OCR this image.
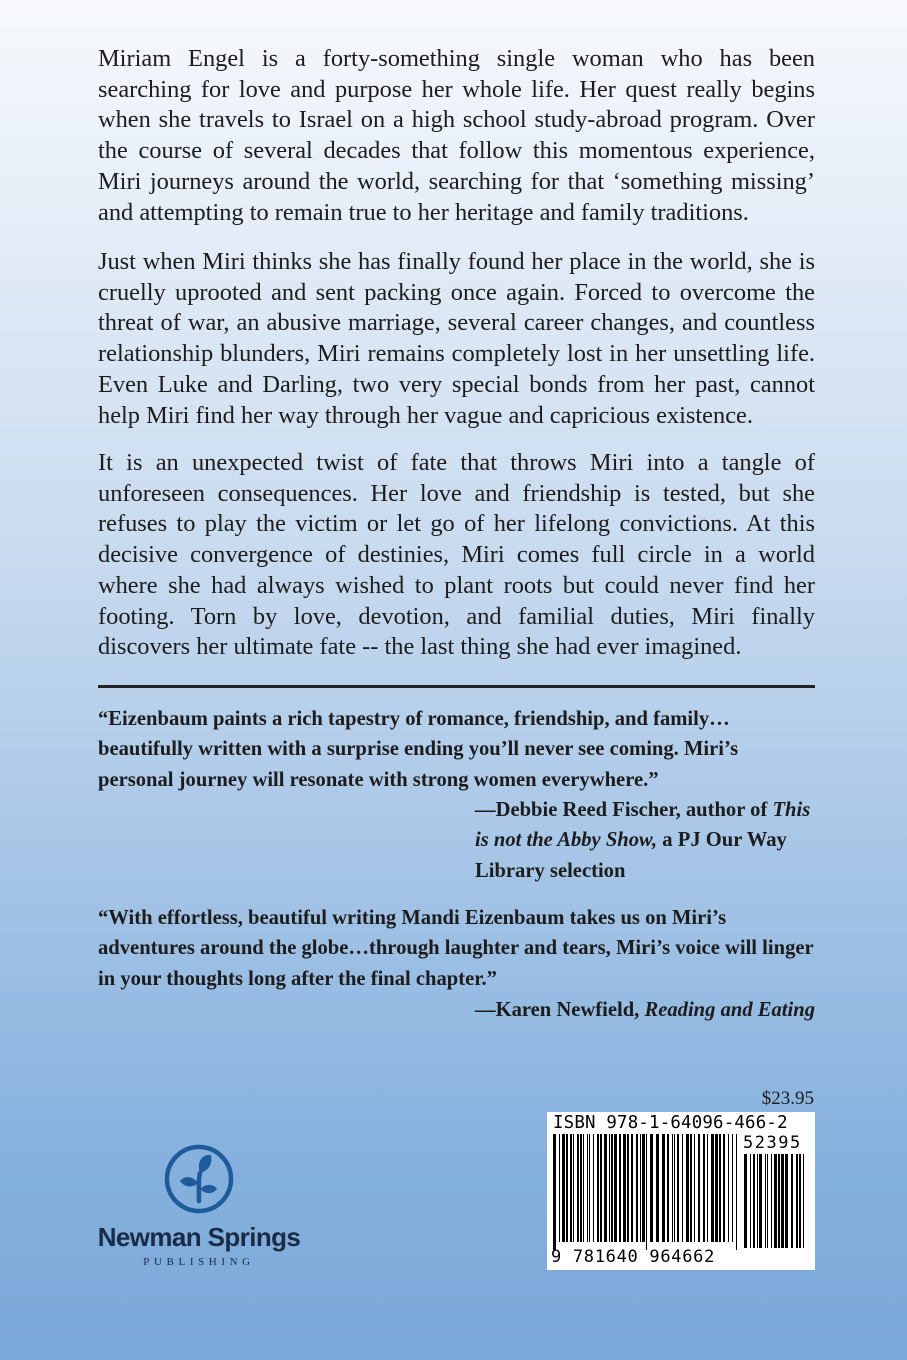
Miriam Engel is a forty-something single woman who has been searching for love and purpose her whole life. Her quest really begins when she travels to Israel on a high school study-abroad program. Over the course of several decades that follow this momentous experience, Miri journeys around the world, searching for that ‘something missing’ and attempting to remain true to her heritage and family traditions.

Just when Miri thinks she has finally found her place in the world, she is cruelly uprooted and sent packing once again. Forced to overcome the threat of war, an abusive marriage, several career changes, and countless relationship blunders, Miri remains completely lost in her unsettling life. Even Luke and Darling, two very special bonds from her past, cannot help Miri find her way through her vague and capricious existence.

It is an unexpected twist of fate that throws Miri into a tangle of unforeseen consequences. Her love and friendship is tested, but she refuses to play the victim or let go of her lifelong convictions. At this decisive convergence of destinies, Miri comes full circle in a world where she had always wished to plant roots but could never find her footing. Torn by love, devotion, and familial duties, Miri finally discovers her ultimate fate -- the last thing she had ever imagined.

“Eizenbaum paints a rich tapestry of romance, friendship, and family…beautifully written with a surprise ending you’ll never see coming. Miri’s personal journey will resonate with strong women everywhere.”

—Debbie Reed Fischer, author of This is not the Abby Show, a PJ Our Way Library selection

“With effortless, beautiful writing Mandi Eizenbaum takes us on Miri’s adventures around the globe…through laughter and tears, Miri’s voice will linger in your thoughts long after the final chapter.”

—Karen Newfield, Reading and Eating
$23.95
ISBN 978-1-64096-466-2
52395
9 781640 964662
Newman Springs
PUBLISHING
